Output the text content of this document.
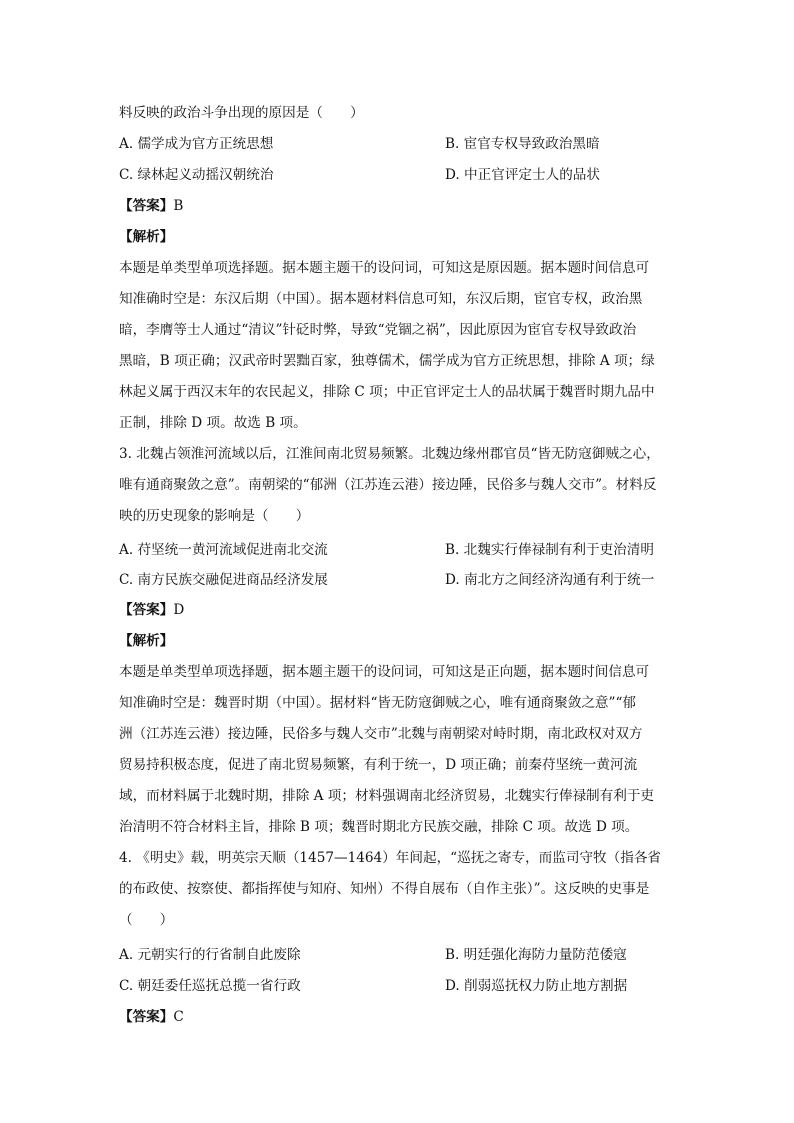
料反映的政治斗争出现的原因是（　　）
A. 儒学成为官方正统思想	B. 宦官专权导致政治黑暗
C. 绿林起义动摇汉朝统治	D. 中正官评定士人的品状
【答案】B
【解析】
本题是单类型单项选择题。据本题主题干的设问词，可知这是原因题。据本题时间信息可
知准确时空是：东汉后期（中国）。据本题材料信息可知，东汉后期，宦官专权，政治黑
暗，李膺等士人通过“清议”针砭时弊，导致“党锢之祸”，因此原因为宦官专权导致政治
黑暗，B 项正确；汉武帝时罢黜百家，独尊儒术，儒学成为官方正统思想，排除 A 项；绿
林起义属于西汉末年的农民起义，排除 C 项；中正官评定士人的品状属于魏晋时期九品中
正制，排除 D 项。故选 B 项。
3. 北魏占领淮河流域以后，江淮间南北贸易频繁。北魏边缘州郡官员“皆无防寇御贼之心，
唯有通商聚敛之意”。南朝梁的“郁洲（江苏连云港）接边陲，民俗多与魏人交市”。材料反
映的历史现象的影响是（　　）
A. 苻坚统一黄河流域促进南北交流	B. 北魏实行俸禄制有利于吏治清明
C. 南方民族交融促进商品经济发展	D. 南北方之间经济沟通有利于统一
【答案】D
【解析】
本题是单类型单项选择题，据本题主题干的设问词，可知这是正向题，据本题时间信息可
知准确时空是：魏晋时期（中国）。据材料“皆无防寇御贼之心，唯有通商聚敛之意”“郁
洲（江苏连云港）接边陲，民俗多与魏人交市”北魏与南朝梁对峙时期，南北政权对双方
贸易持积极态度，促进了南北贸易频繁，有利于统一，D 项正确；前秦苻坚统一黄河流
域，而材料属于北魏时期，排除 A 项；材料强调南北经济贸易，北魏实行俸禄制有利于吏
治清明不符合材料主旨，排除 B 项；魏晋时期北方民族交融，排除 C 项。故选 D 项。
4. 《明史》载，明英宗天顺（1457—1464）年间起，“巡抚之寄专，而监司守牧（指各省
的布政使、按察使、都指挥使与知府、知州）不得自展布（自作主张）”。这反映的史事是
（　　）
A. 元朝实行的行省制自此废除	B. 明廷强化海防力量防范倭寇
C. 朝廷委任巡抚总揽一省行政	D. 削弱巡抚权力防止地方割据
【答案】C
